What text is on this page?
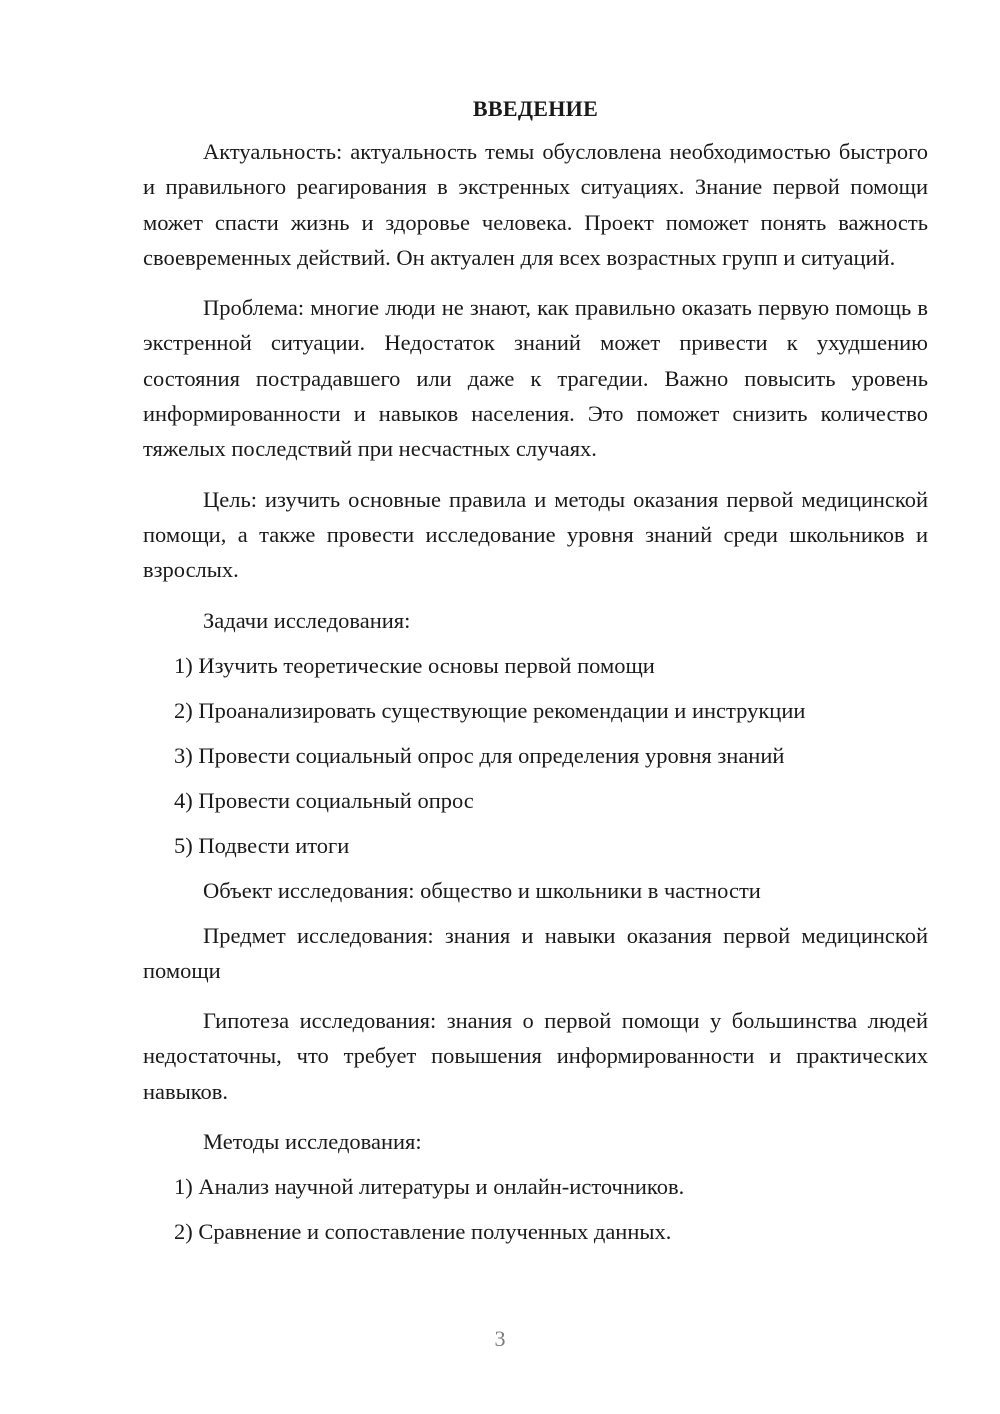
ВВЕДЕНИЕ

Актуальность: актуальность темы обусловлена необходимостью быстрого и правильного реагирования в экстренных ситуациях. Знание первой помощи может спасти жизнь и здоровье человека. Проект поможет понять важность своевременных действий. Он актуален для всех возрастных групп и ситуаций.

Проблема: многие люди не знают, как правильно оказать первую помощь в экстренной ситуации. Недостаток знаний может привести к ухудшению состояния пострадавшего или даже к трагедии. Важно повысить уровень информированности и навыков населения. Это поможет снизить количество тяжелых последствий при несчастных случаях.

Цель: изучить основные правила и методы оказания первой медицинской помощи, а также провести исследование уровня знаний среди школьников и взрослых.

Задачи исследования:
1) Изучить теоретические основы первой помощи
2) Проанализировать существующие рекомендации и инструкции
3) Провести социальный опрос для определения уровня знаний
4) Провести социальный опрос
5) Подвести итоги
Объект исследования: общество и школьники в частности

Предмет исследования: знания и навыки оказания первой медицинской помощи

Гипотеза исследования: знания о первой помощи у большинства людей недостаточны, что требует повышения информированности и практических навыков.

Методы исследования:
1) Анализ научной литературы и онлайн-источников.
2) Сравнение и сопоставление полученных данных.
3
